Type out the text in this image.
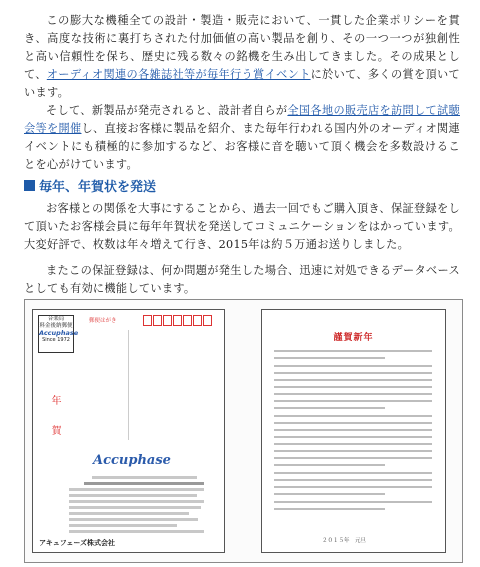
この膨大な機種全ての設計・製造・販売において、一貫した企業ポリシーを貫き、高度な技術に裏打ちされた付加価値の高い製品を創り、その一つ一つが独創性と高い信頼性を保ち、歴史に残る数々の銘機を生み出してきました。その成果として、オーディオ関連の各雑誌社等が毎年行う賞イベントに於いて、多くの賞を頂いています。

そして、新製品が発売されると、設計者自らが全国各地の販売店を訪問して試聴会等を開催し、直接お客様に製品を紹介、また毎年行われる国内外のオーディオ関連イベントにも積極的に参加するなど、お客様に音を聴いて頂く機会を多数設けることを心がけています。

毎年、年賀状を発送

お客様との関係を大事にすることから、過去一回でもご購入頂き、保証登録をして頂いたお客様会員に毎年年賀状を発送してコミュニケーションをはかっています。大変好評で、枚数は年々増えて行き、2015年は約５万通お送りしました。

またこの保証登録は、何か問題が発生した場合、迅速に対処できるデータベースとしても有効に機能しています。

音楽局
料金後納郵便
Accuphase
Since 1972
郵便はがき
年賀
Accuphase
アキュフェーズ株式会社
謹賀新年
２０１５年　元旦
